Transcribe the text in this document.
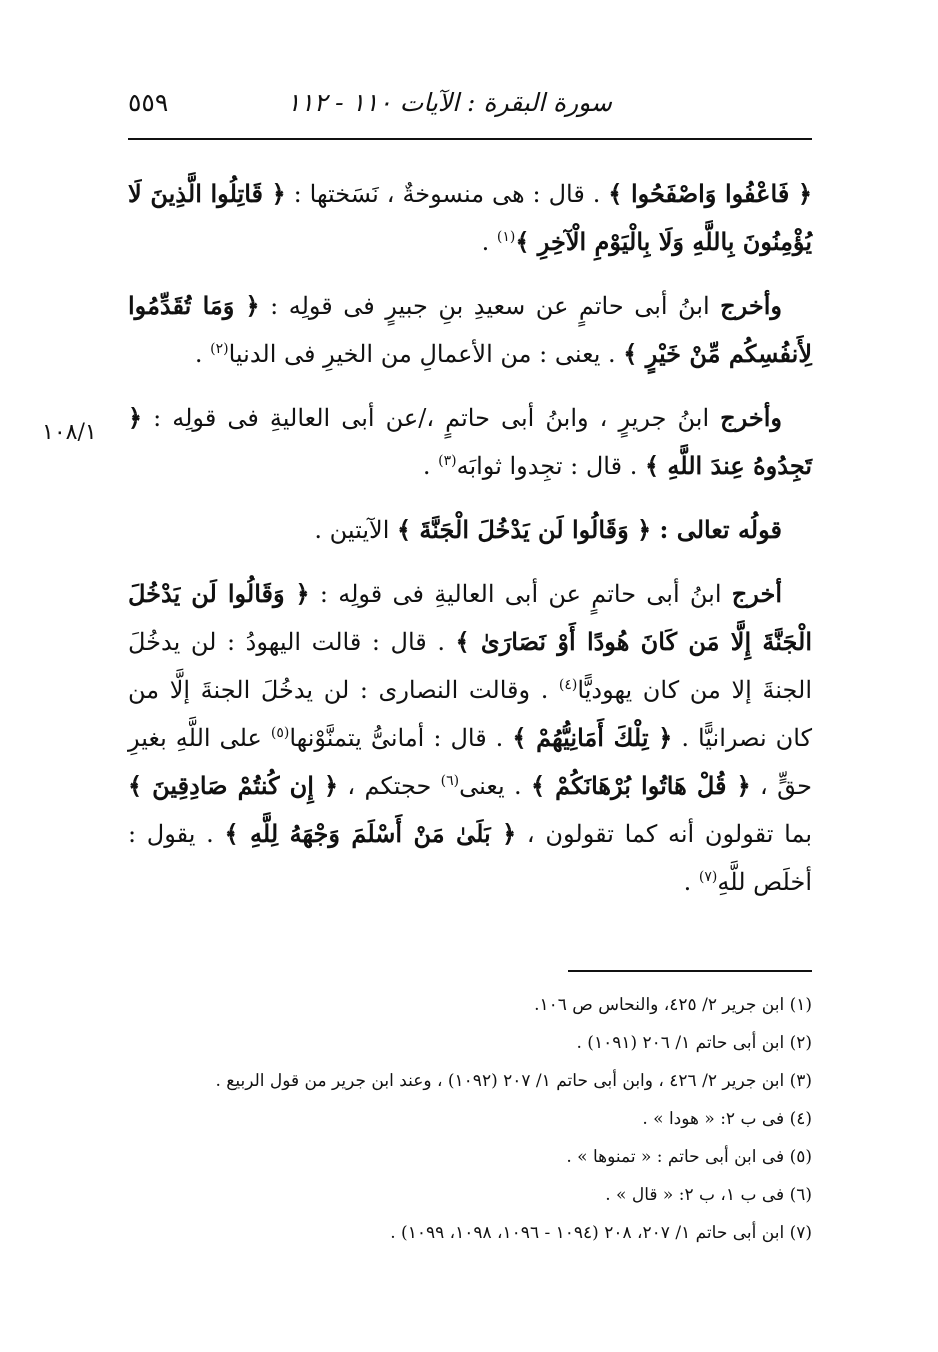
سورة البقرة : الآيات ١١٠ - ١١٢
٥٥٩
١٠٨/١

﴿ فَاعْفُوا وَاصْفَحُوا ﴾ . قال : هى منسوخةٌ ، نَسَختها : ﴿ قَاتِلُوا الَّذِينَ لَا يُؤْمِنُونَ بِاللَّهِ وَلَا بِالْيَوْمِ الْآخِرِ ﴾$^{(١)}$ .

وأخرج ابنُ أبى حاتمٍ عن سعيدِ بنِ جبيرٍ فى قولِه : ﴿ وَمَا تُقَدِّمُوا لِأَنفُسِكُم مِّنْ خَيْرٍ ﴾ . يعنى : من الأعمالِ من الخيرِ فى الدنيا$^{(٢)}$ .

وأخرج ابنُ جريرٍ ، وابنُ أبى حاتمٍ ،/عن أبى العاليةِ فى قولِه : ﴿ تَجِدُوهُ عِندَ اللَّهِ ﴾ . قال : تجِدوا ثوابَه$^{(٣)}$ .

قولُه تعالى : ﴿ وَقَالُوا لَن يَدْخُلَ الْجَنَّةَ ﴾ الآيتين .

أخرج ابنُ أبى حاتمٍ عن أبى العاليةِ فى قولِه : ﴿ وَقَالُوا لَن يَدْخُلَ الْجَنَّةَ إِلَّا مَن كَانَ هُودًا أَوْ نَصَارَىٰ ﴾ . قال : قالت اليهودُ : لن يدخُلَ الجنةَ إلا من كان يهوديًّا$^{(٤)}$ . وقالت النصارى : لن يدخُلَ الجنةَ إلَّا من كان نصرانيًّا . ﴿ تِلْكَ أَمَانِيُّهُمْ ﴾ . قال : أمانىُّ يتمنَّوْنها$^{(٥)}$ على اللَّهِ بغيرِ حقٍّ ، ﴿ قُلْ هَاتُوا بُرْهَانَكُمْ ﴾ . يعنى$^{(٦)}$ حجتكم ، ﴿ إِن كُنتُمْ صَادِقِينَ ﴾ بما تقولون أنه كما تقولون ، ﴿ بَلَىٰ مَنْ أَسْلَمَ وَجْهَهُ لِلَّهِ ﴾ . يقول : أخلَص للَّهِ$^{(٧)}$ .

(١) ابن جرير ٢/ ٤٢٥، والنحاس ص ١٠٦.

(٢) ابن أبى حاتم ١/ ٢٠٦ (١٠٩١) .

(٣) ابن جرير ٢/ ٤٢٦ ، وابن أبى حاتم ١/ ٢٠٧ (١٠٩٢) ، وعند ابن جرير من قول الربيع .

(٤) فى ب ٢: « هودا » .

(٥) فى ابن أبى حاتم : « تمنوها » .

(٦) فى ب ١، ب ٢: « قال » .

(٧) ابن أبى حاتم ١/ ٢٠٧، ٢٠٨ (١٠٩٤ - ١٠٩٦، ١٠٩٨، ١٠٩٩) .
